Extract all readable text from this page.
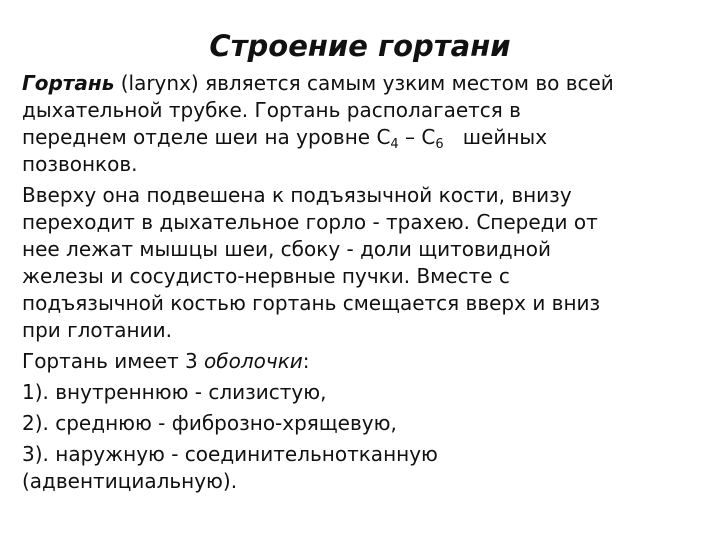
Строение гортани

Гортань (larynx) является самым узким местом во всей
дыхательной трубке. Гортань располагается в
переднем отделе шеи на уровне $C_4 - C_6$   шейных
позвонков.

Вверху она подвешена к подъязычной кости, внизу
переходит в дыхательное горло - трахею. Спереди от
нее лежат мышцы шеи, сбоку - доли щитовидной
железы и сосудисто-нервные пучки. Вместе с
подъязычной костью гортань смещается вверх и вниз
при глотании.

Гортань имеет 3 оболочки:

1). внутреннюю - слизистую,

2). среднюю - фиброзно-хрящевую,

3). наружную - соединительнотканную
(адвентициальную).
